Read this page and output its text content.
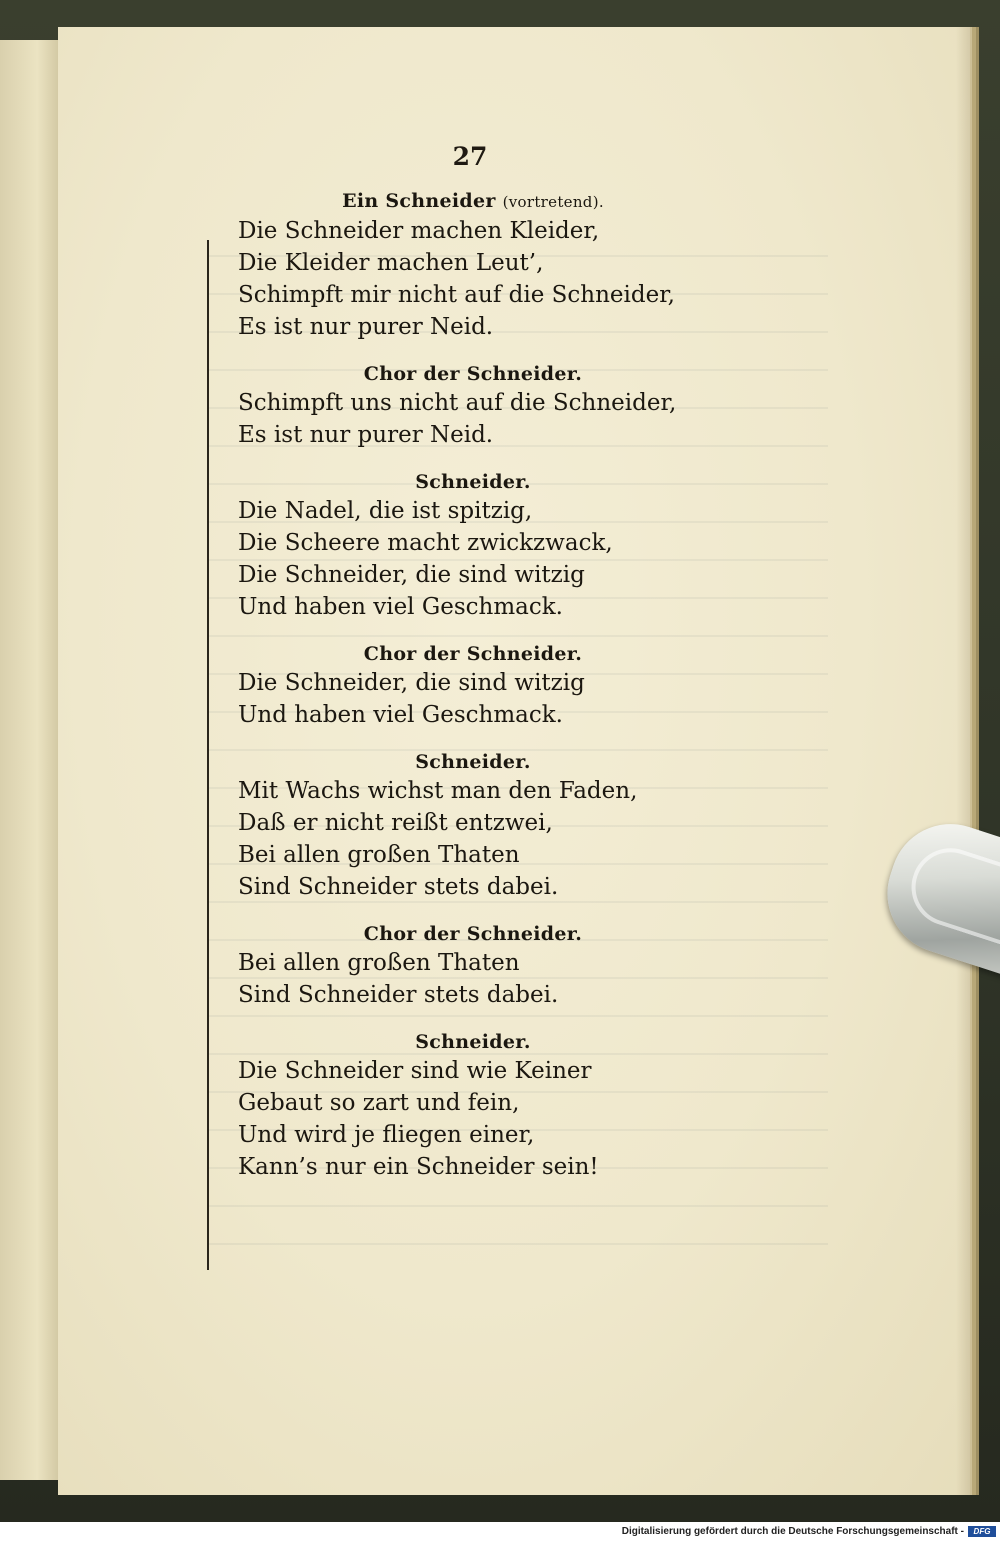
27
Ein Schneider (vortretend).
Die Schneider machen Kleider,
Die Kleider machen Leut’,
Schimpft mir nicht auf die Schneider,
Es ist nur purer Neid.
Chor der Schneider.
Schimpft uns nicht auf die Schneider,
Es ist nur purer Neid.
Schneider.
Die Nadel, die ist spitzig,
Die Scheere macht zwickzwack,
Die Schneider, die sind witzig
Und haben viel Geschmack.
Chor der Schneider.
Die Schneider, die sind witzig
Und haben viel Geschmack.
Schneider.
Mit Wachs wichst man den Faden,
Daß er nicht reißt entzwei,
Bei allen großen Thaten
Sind Schneider stets dabei.
Chor der Schneider.
Bei allen großen Thaten
Sind Schneider stets dabei.
Schneider.
Die Schneider sind wie Keiner
Gebaut so zart und fein,
Und wird je fliegen einer,
Kann’s nur ein Schneider sein!
Digitalisierung gefördert durch die Deutsche Forschungsgemeinschaft -	DFG
